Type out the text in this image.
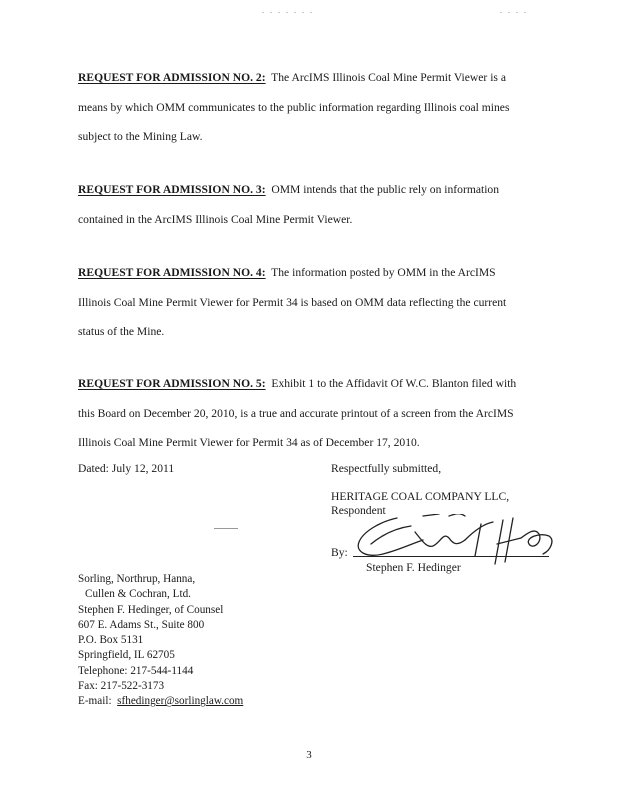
. . . . . . .	. . . .
REQUEST FOR ADMISSION NO. 2: The ArcIMS Illinois Coal Mine Permit Viewer is a
means by which OMM communicates to the public information regarding Illinois coal mines
subject to the Mining Law.
REQUEST FOR ADMISSION NO. 3: OMM intends that the public rely on information
contained in the ArcIMS Illinois Coal Mine Permit Viewer.
REQUEST FOR ADMISSION NO. 4: The information posted by OMM in the ArcIMS
Illinois Coal Mine Permit Viewer for Permit 34 is based on OMM data reflecting the current
status of the Mine.
REQUEST FOR ADMISSION NO. 5: Exhibit 1 to the Affidavit Of W.C. Blanton filed with
this Board on December 20, 2010, is a true and accurate printout of a screen from the ArcIMS
Illinois Coal Mine Permit Viewer for Permit 34 as of December 17, 2010.
Dated: July 12, 2011	Respectfully submitted,
HERITAGE COAL COMPANY LLC,
Respondent
By:
Stephen F. Hedinger
Sorling, Northrup, Hanna,
Cullen & Cochran, Ltd.
Stephen F. Hedinger, of Counsel
607 E. Adams St., Suite 800
P.O. Box 5131
Springfield, IL 62705
Telephone: 217-544-1144
Fax: 217-522-3173
E-mail: sfhedinger@sorlinglaw.com
3
